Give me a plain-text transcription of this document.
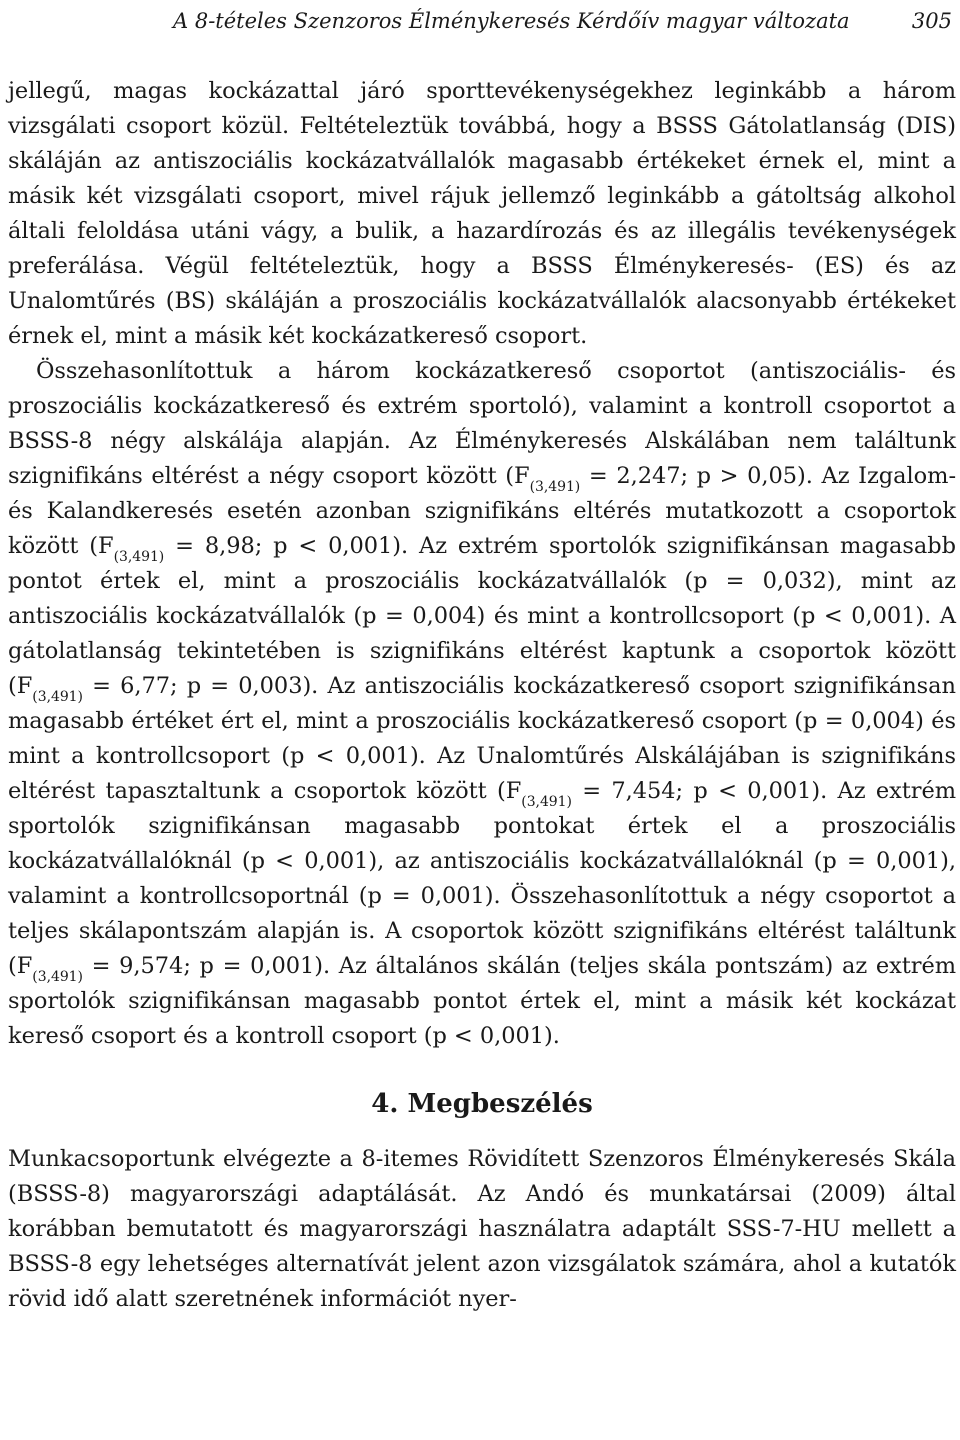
A 8-tételes Szenzoros Élménykeresés Kérdőív magyar változata	305

jellegű, magas kockázattal járó sporttevékenységekhez leginkább a három vizsgálati csoport közül. Feltételeztük továbbá, hogy a BSSS Gátolatlanság (DIS) skáláján az antiszociális kockázatvállalók magasabb értékeket érnek el, mint a másik két vizsgálati csoport, mivel rájuk jellemző leginkább a gátoltság alkohol általi feloldása utáni vágy, a bulik, a hazardírozás és az illegális tevékenységek preferálása. Végül feltételeztük, hogy a BSSS Élménykeresés- (ES) és az Unalomtűrés (BS) skáláján a proszociális kockázatvállalók alacsonyabb értékeket érnek el, mint a másik két kockázatkereső csoport.

Összehasonlítottuk a három kockázatkereső csoportot (antiszociális- és proszociális kockázatkereső és extrém sportoló), valamint a kontroll csoportot a BSSS-8 négy alskálája alapján. Az Élménykeresés Alskálában nem találtunk szignifikáns eltérést a négy csoport között ($F_{(3,491)} = 2,247$; p > 0,05). Az Izgalom- és Kalandkeresés esetén azonban szignifikáns eltérés mutatkozott a csoportok között ($F_{(3,491)} = 8,98$; p < 0,001). Az extrém sportolók szignifikánsan magasabb pontot értek el, mint a proszociális kockázatvállalók (p = 0,032), mint az antiszociális kockázatvállalók (p = 0,004) és mint a kontrollcsoport (p < 0,001). A gátolatlanság tekintetében is szignifikáns eltérést kaptunk a csoportok között ($F_{(3,491)} = 6,77$; p = 0,003). Az antiszociális kockázatkereső csoport szignifikánsan magasabb értéket ért el, mint a proszociális kockázatkereső csoport (p = 0,004) és mint a kontrollcsoport (p < 0,001). Az Unalomtűrés Alskálájában is szignifikáns eltérést tapasztaltunk a csoportok között ($F_{(3,491)} = 7,454$; p < 0,001). Az extrém sportolók szignifikánsan magasabb pontokat értek el a proszociális kockázatvállalóknál (p < 0,001), az antiszociális kockázatvállalóknál (p = 0,001), valamint a kontrollcsoportnál (p = 0,001). Összehasonlítottuk a négy csoportot a teljes skálapontszám alapján is. A csoportok között szignifikáns eltérést találtunk ($F_{(3,491)} = 9,574$; p = 0,001). Az általános skálán (teljes skála pontszám) az extrém sportolók szignifikánsan magasabb pontot értek el, mint a másik két kockázat kereső csoport és a kontroll csoport (p < 0,001).

4. Megbeszélés

Munkacsoportunk elvégezte a 8-itemes Rövidített Szenzoros Élménykeresés Skála (BSSS-8) magyarországi adaptálását. Az Andó és munkatársai (2009) által korábban bemutatott és magyarországi használatra adaptált SSS-7-HU mellett a BSSS-8 egy lehetséges alternatívát jelent azon vizsgálatok számára, ahol a kutatók rövid idő alatt szeretnének információt nyer-
